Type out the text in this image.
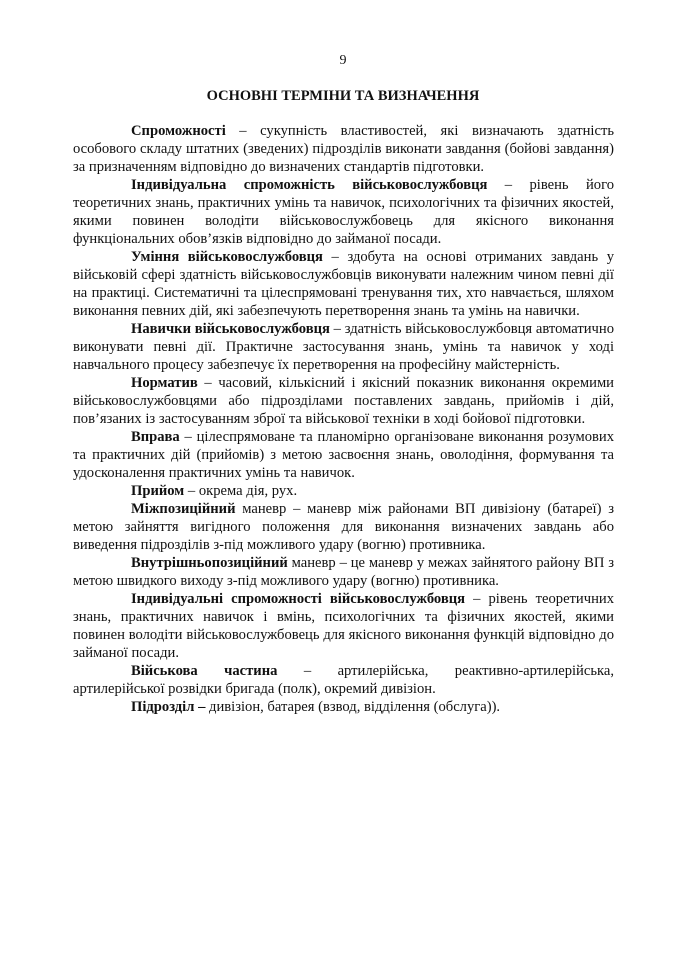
9
ОСНОВНІ ТЕРМІНИ ТА ВИЗНАЧЕННЯ

Спроможності – сукупність властивостей, які визначають здатність особового складу штатних (зведених) підрозділів виконати завдання (бойові завдання) за призначенням відповідно до визначених стандартів підготовки.

Індивідуальна спроможність військовослужбовця – рівень його теоретичних знань, практичних умінь та навичок, психологічних та фізичних якостей, якими повинен володіти військовослужбовець для якісного виконання функціональних обов’язків відповідно до займаної посади.

Уміння військовослужбовця – здобута на основі отриманих завдань у військовій сфері здатність військовослужбовців виконувати належним чином певні дії на практиці. Систематичні та цілеспрямовані тренування тих, хто навчається, шляхом виконання певних дій, які забезпечують перетворення знань та умінь на навички.

Навички військовослужбовця – здатність військовослужбовця автоматично виконувати певні дії. Практичне застосування знань, умінь та навичок у ході навчального процесу забезпечує їх перетворення на професійну майстерність.

Норматив – часовий, кількісний і якісний показник виконання окремими військовослужбовцями або підрозділами поставлених завдань, прийомів і дій, пов’язаних із застосуванням зброї та військової техніки в ході бойової підготовки.

Вправа – цілеспрямоване та планомірно організоване виконання розумових та практичних дій (прийомів) з метою засвоєння знань, оволодіння, формування та удосконалення практичних умінь та навичок.

Прийом – окрема дія, рух.

Міжпозиційний маневр – маневр між районами ВП дивізіону (батареї) з метою зайняття вигідного положення для виконання визначених завдань або виведення підрозділів з-під можливого удару (вогню) противника.

Внутрішньопозиційний маневр – це маневр у межах зайнятого району ВП з метою швидкого виходу з-під можливого удару (вогню) противника.

Індивідуальні спроможності військовослужбовця – рівень теоретичних знань, практичних навичок і вмінь, психологічних та фізичних якостей, якими повинен володіти військовослужбовець для якісного виконання функцій відповідно до займаної посади.

Військова частина – артилерійська, реактивно-артилерійська, артилерійської розвідки бригада (полк), окремий дивізіон.

Підрозділ – дивізіон, батарея (взвод, відділення (обслуга)).
